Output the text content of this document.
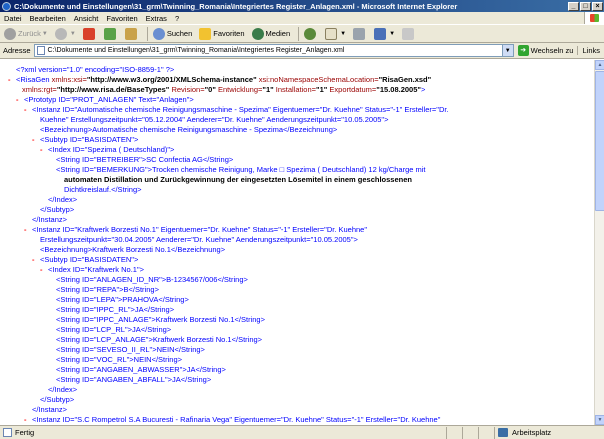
C:\Dokumente und Einstellungen\31_grm\Twinning_Romania\Integriertes Register_Anlagen.xml - Microsoft Internet Explorer	_	□	×
Datei	Bearbeiten	Ansicht	Favoriten	Extras	?
Zurück ▼	▼	Suchen	Favoriten	Medien	▼	▼
Adresse C:\Dokumente und Einstellungen\31_grm\Twinning_Romania\Integriertes Register_Anlagen.xml	▼	➜ Wechseln zu	Links
<?xml version="1.0" encoding="ISO-8859-1" ?>
- <RisaGen xmlns:xsi="http://www.w3.org/2001/XMLSchema-instance" xsi:noNamespaceSchemaLocation="RisaGen.xsd"
xmlns:rgt="http://www.risa.de/BaseTypes" Revision="0" Entwicklung="1" Installation="1" Exportdatum="15.08.2005">
- <Prototyp ID="PROT_ANLAGEN" Text="Anlagen">
- <Instanz ID="Automatische chemische Reinigungsmaschine - Spezima" Eigentuemer="Dr. Kuehne" Status="-1" Ersteller="Dr.
Kuehne" Erstellungszeitpunkt="05.12.2004" Aenderer="Dr. Kuehne" Aenderungszeitpunkt="10.05.2005">
<Bezeichnung>Automatische chemische Reinigungsmaschine - Spezima</Bezeichnung>
- <Subtyp ID="BASISDATEN">
- <Index ID="Spezima ( Deutschland)">
<String ID="BETREIBER">SC Confectia AG</String>
<String ID="BEMERKUNG">Trocken chemische Reinigung, Marke □ Spezima ( Deutschland) 12 kg/Charge mit
automaten Distillation und Zurückgewinnung der eingesetzten Lösemitel in einem geschlossenen
Dichtkreislauf.</String>
</Index>
</Subtyp>
</Instanz>
- <Instanz ID="Kraftwerk Borzesti No.1" Eigentuemer="Dr. Kuehne" Status="-1" Ersteller="Dr. Kuehne"
Erstellungszeitpunkt="30.04.2005" Aenderer="Dr. Kuehne" Aenderungszeitpunkt="10.05.2005">
<Bezeichnung>Kraftwerk Borzesti No.1</Bezeichnung>
- <Subtyp ID="BASISDATEN">
- <Index ID="Kraftwerk No.1">
<String ID="ANLAGEN_ID_NR">B-1234567/006</String>
<String ID="REPA">B</String>
<String ID="LEPA">PRAHOVA</String>
<String ID="IPPC_RL">JA</String>
<String ID="IPPC_ANLAGE">Kraftwerk Borzesti No.1</String>
<String ID="LCP_RL">JA</String>
<String ID="LCP_ANLAGE">Kraftwerk Borzesti No.1</String>
<String ID="SEVESO_II_RL">NEIN</String>
<String ID="VOC_RL">NEIN</String>
<String ID="ANGABEN_ABWASSER">JA</String>
<String ID="ANGABEN_ABFALL">JA</String>
</Index>
</Subtyp>
</Instanz>
- <Instanz ID="S.C Rompetrol S.A Bucuresti - Rafinaria Vega" Eigentuemer="Dr. Kuehne" Status="-1" Ersteller="Dr. Kuehne"
▲
▼
Fertig	Arbeitsplatz
